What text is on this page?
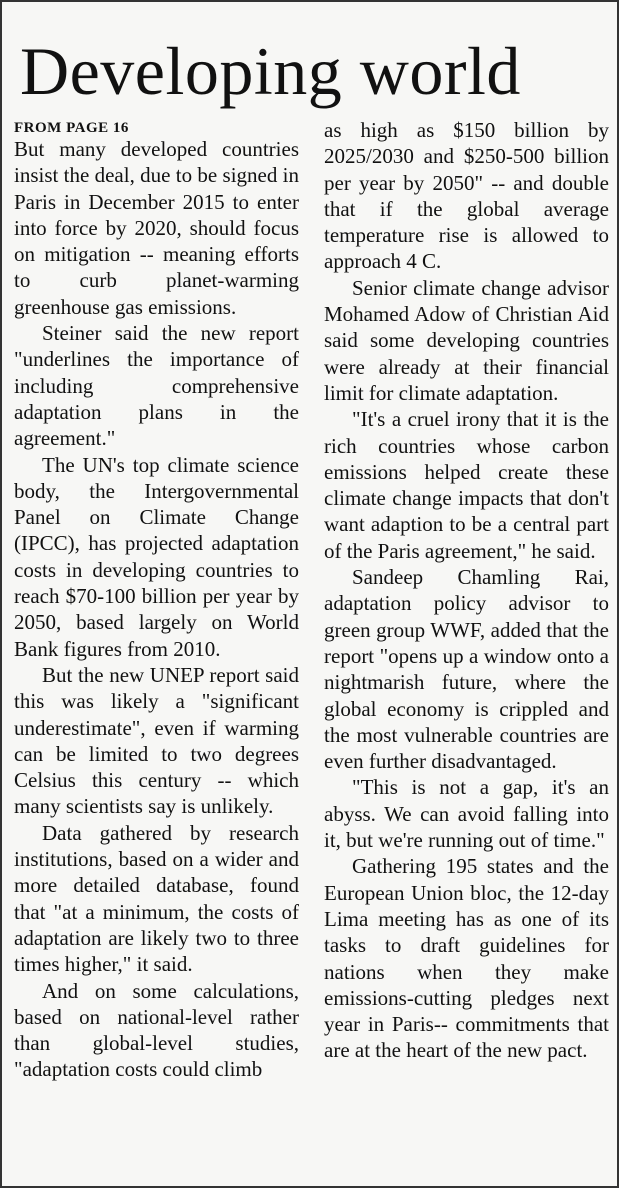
Developing world
FROM PAGE 16

But many developed countries insist the deal, due to be signed in Paris in December 2015 to enter into force by 2020, should focus on mitigation -- meaning efforts to curb planet-warming greenhouse gas emissions.

Steiner said the new report "underlines the importance of including comprehensive adaptation plans in the agreement."

The UN's top climate science body, the Intergovernmental Panel on Climate Change (IPCC), has projected adaptation costs in developing countries to reach $70-100 billion per year by 2050, based largely on World Bank figures from 2010.

But the new UNEP report said this was likely a "significant underestimate", even if warming can be limited to two degrees Celsius this century -- which many scientists say is unlikely.

Data gathered by research institutions, based on a wider and more detailed database, found that "at a minimum, the costs of adaptation are likely two to three times higher," it said.

And on some calculations, based on national-level rather than global-level studies, "adaptation costs could climb

as high as $150 billion by 2025/2030 and $250-500 billion per year by 2050" -- and double that if the global average temperature rise is allowed to approach 4 C.

Senior climate change advisor Mohamed Adow of Christian Aid said some developing countries were already at their financial limit for climate adaptation.

"It's a cruel irony that it is the rich countries whose carbon emissions helped create these climate change impacts that don't want adaption to be a central part of the Paris agreement," he said.

Sandeep Chamling Rai, adaptation policy advisor to green group WWF, added that the report "opens up a window onto a nightmarish future, where the global economy is crippled and the most vulnerable countries are even further disadvantaged.

"This is not a gap, it's an abyss. We can avoid falling into it, but we're running out of time."

Gathering 195 states and the European Union bloc, the 12-day Lima meeting has as one of its tasks to draft guidelines for nations when they make emissions-cutting pledges next year in Paris-- commitments that are at the heart of the new pact.
